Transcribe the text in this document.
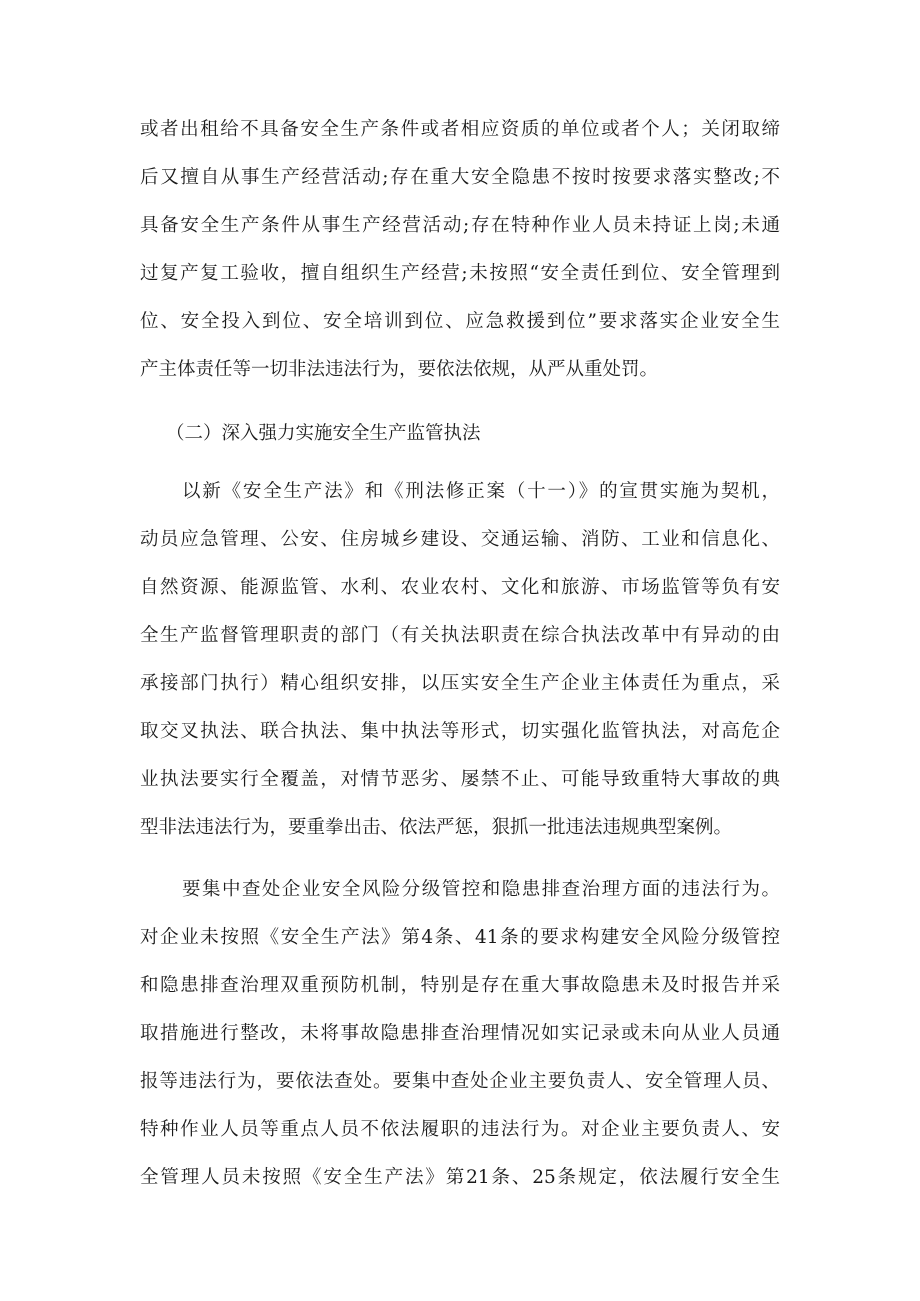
或者出租给不具备安全生产条件或者相应资质的单位或者个人；关闭取缔
后又擅自从事生产经营活动;存在重大安全隐患不按时按要求落实整改;不
具备安全生产条件从事生产经营活动;存在特种作业人员未持证上岗;未通
过复产复工验收，擅自组织生产经营;未按照“安全责任到位、安全管理到
位、安全投入到位、安全培训到位、应急救援到位”要求落实企业安全生
产主体责任等一切非法违法行为，要依法依规，从严从重处罚。
（二）深入强力实施安全生产监管执法
以新《安全生产法》和《刑法修正案（十一）》的宣贯实施为契机，
动员应急管理、公安、住房城乡建设、交通运输、消防、工业和信息化、
自然资源、能源监管、水利、农业农村、文化和旅游、市场监管等负有安
全生产监督管理职责的部门（有关执法职责在综合执法改革中有异动的由
承接部门执行）精心组织安排，以压实安全生产企业主体责任为重点，采
取交叉执法、联合执法、集中执法等形式，切实强化监管执法，对高危企
业执法要实行全覆盖，对情节恶劣、屡禁不止、可能导致重特大事故的典
型非法违法行为，要重拳出击、依法严惩，狠抓一批违法违规典型案例。
要集中查处企业安全风险分级管控和隐患排查治理方面的违法行为。
对企业未按照《安全生产法》第4条、41条的要求构建安全风险分级管控
和隐患排查治理双重预防机制，特别是存在重大事故隐患未及时报告并采
取措施进行整改，未将事故隐患排查治理情况如实记录或未向从业人员通
报等违法行为，要依法查处。要集中查处企业主要负责人、安全管理人员、
特种作业人员等重点人员不依法履职的违法行为。对企业主要负责人、安
全管理人员未按照《安全生产法》第21条、25条规定，依法履行安全生
